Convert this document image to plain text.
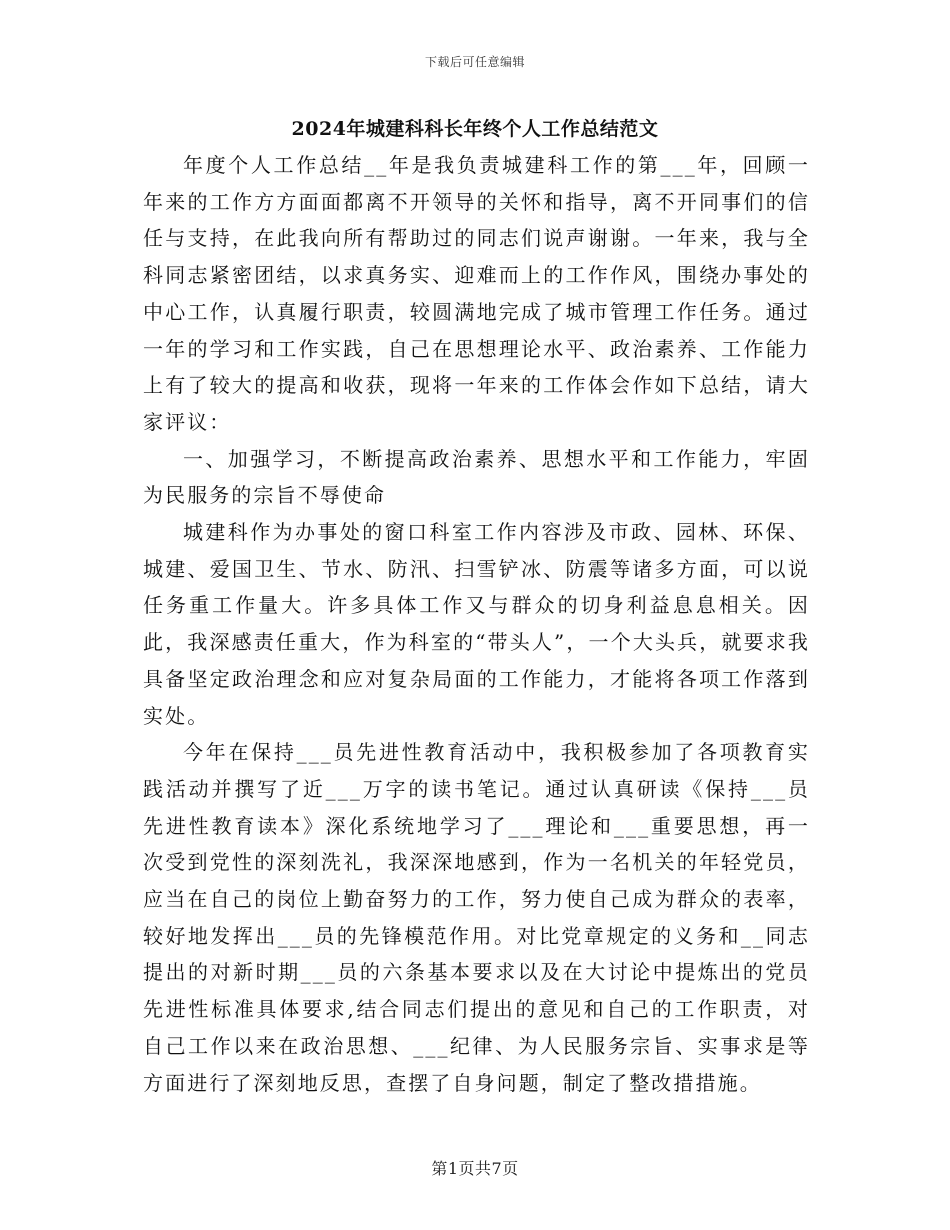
下载后可任意编辑
2024年城建科科长年终个人工作总结范文

年度个人工作总结__年是我负责城建科工作的第___年，回顾一年来的工作方方面面都离不开领导的关怀和指导，离不开同事们的信任与支持，在此我向所有帮助过的同志们说声谢谢。一年来，我与全科同志紧密团结，以求真务实、迎难而上的工作作风，围绕办事处的中心工作，认真履行职责，较圆满地完成了城市管理工作任务。通过一年的学习和工作实践，自己在思想理论水平、政治素养、工作能力上有了较大的提高和收获，现将一年来的工作体会作如下总结，请大家评议：

一、加强学习，不断提高政治素养、思想水平和工作能力，牢固为民服务的宗旨不辱使命

城建科作为办事处的窗口科室工作内容涉及市政、园林、环保、城建、爱国卫生、节水、防汛、扫雪铲冰、防震等诸多方面，可以说任务重工作量大。许多具体工作又与群众的切身利益息息相关。因此，我深感责任重大，作为科室的“带头人”，一个大头兵，就要求我具备坚定政治理念和应对复杂局面的工作能力，才能将各项工作落到实处。

今年在保持___员先进性教育活动中，我积极参加了各项教育实践活动并撰写了近___万字的读书笔记。通过认真研读《保持___员先进性教育读本》深化系统地学习了___理论和___重要思想，再一次受到党性的深刻洗礼，我深深地感到，作为一名机关的年轻党员，应当在自己的岗位上勤奋努力的工作，努力使自己成为群众的表率，较好地发挥出___员的先锋模范作用。对比党章规定的义务和__同志提出的对新时期___员的六条基本要求以及在大讨论中提炼出的党员先进性标准具体要求,结合同志们提出的意见和自己的工作职责，对自己工作以来在政治思想、___纪律、为人民服务宗旨、实事求是等方面进行了深刻地反思，查摆了自身问题，制定了整改措措施。

第1页共7页
